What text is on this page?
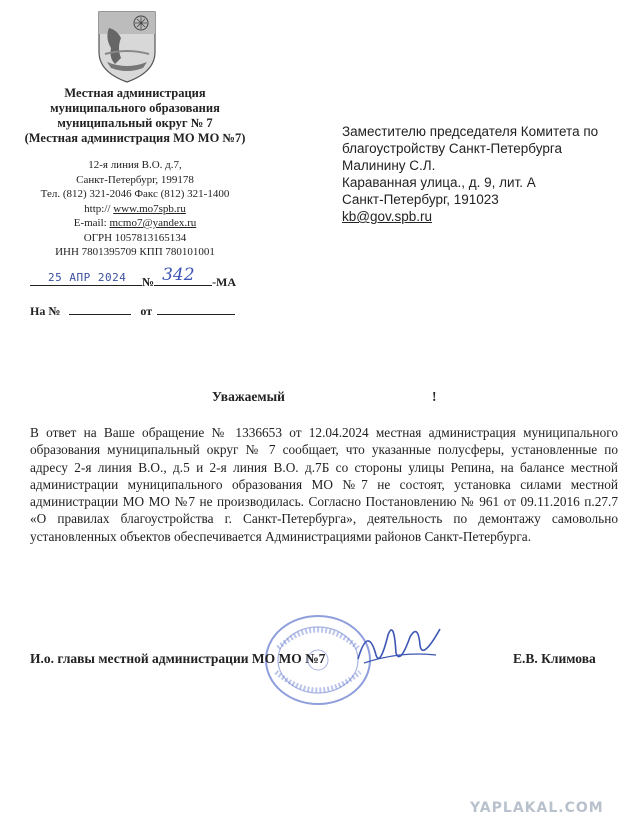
Местная администрация
муниципального образования
муниципальный округ № 7
(Местная администрация МО МО №7)
12-я линия В.О. д.7,
Санкт-Петербург, 199178
Тел. (812) 321-2046 Факс (812) 321-1400
http:// www.mo7spb.ru
E-mail: mcmo7@yandex.ru
ОГРН 1057813165134
ИНН 7801395709 КПП 780101001
Заместителю председателя Комитета по
благоустройству Санкт-Петербурга
Малинину С.Л.
Караванная улица., д. 9, лит. А
Санкт-Петербург, 191023
kb@gov.spb.ru
25 АПР 2024 № 342 -МА
На №	от
Уважаемый	!
В ответ на Ваше обращение № 1336653 от 12.04.2024 местная администрация муниципального образования муниципальный округ № 7 сообщает, что указанные полусферы, установленные по адресу 2-я линия В.О., д.5 и 2-я линия В.О. д.7Б со стороны улицы Репина, на балансе местной администрации муниципального образования МО №7 не состоят, установка силами местной администрации МО МО №7 не производилась. Согласно Постановлению № 961 от 09.11.2016 п.27.7 «О правилах благоустройства г. Санкт-Петербурга», деятельность по демонтажу самовольно установленных объектов обеспечивается Администрациями районов Санкт-Петербурга.
И.о. главы местной администрации МО МО №7	Е.В. Климова
YAPLAKAL.COM
